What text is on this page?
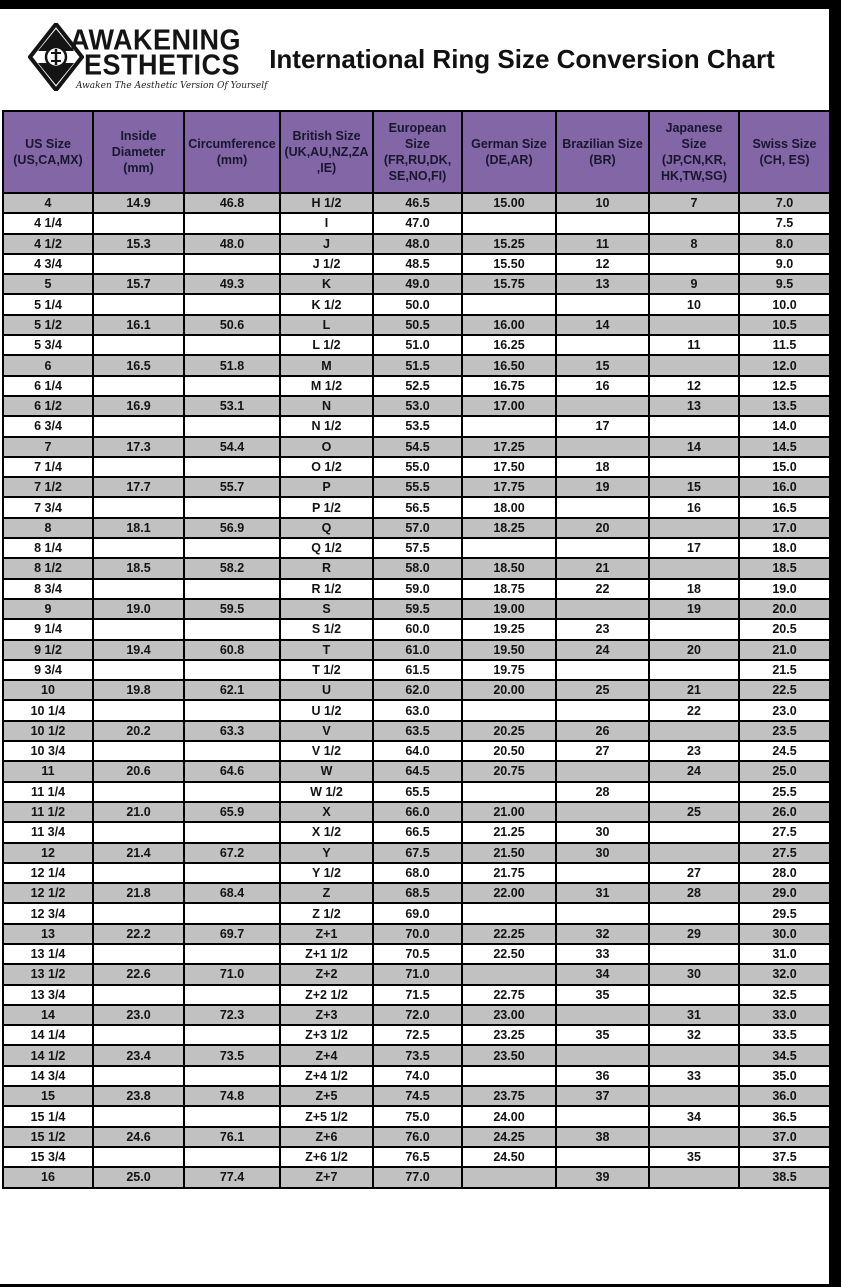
AWAKENING
ESTHETICS
Awaken The Aesthetic Version Of Yourself
International Ring Size Conversion Chart
US Size (US,CA,MX)	Inside Diameter (mm)	Circumference (mm)	British Size (UK,AU,NZ,ZA,IE)	European Size (FR,RU,DK, SE,NO,FI)	German Size (DE,AR)	Brazilian Size (BR)	Japanese Size (JP,CN,KR, HK,TW,SG)	Swiss Size (CH, ES)
4	14.9	46.8	H 1/2	46.5	15.00	10	7	7.0
4 1/4			I	47.0				7.5
4 1/2	15.3	48.0	J	48.0	15.25	11	8	8.0
4 3/4			J 1/2	48.5	15.50	12		9.0
5	15.7	49.3	K	49.0	15.75	13	9	9.5
5 1/4			K 1/2	50.0			10	10.0
5 1/2	16.1	50.6	L	50.5	16.00	14		10.5
5 3/4			L 1/2	51.0	16.25		11	11.5
6	16.5	51.8	M	51.5	16.50	15		12.0
6 1/4			M 1/2	52.5	16.75	16	12	12.5
6 1/2	16.9	53.1	N	53.0	17.00		13	13.5
6 3/4			N 1/2	53.5		17		14.0
7	17.3	54.4	O	54.5	17.25		14	14.5
7 1/4			O 1/2	55.0	17.50	18		15.0
7 1/2	17.7	55.7	P	55.5	17.75	19	15	16.0
7 3/4			P 1/2	56.5	18.00		16	16.5
8	18.1	56.9	Q	57.0	18.25	20		17.0
8 1/4			Q 1/2	57.5			17	18.0
8 1/2	18.5	58.2	R	58.0	18.50	21		18.5
8 3/4			R 1/2	59.0	18.75	22	18	19.0
9	19.0	59.5	S	59.5	19.00		19	20.0
9 1/4			S 1/2	60.0	19.25	23		20.5
9 1/2	19.4	60.8	T	61.0	19.50	24	20	21.0
9 3/4			T 1/2	61.5	19.75			21.5
10	19.8	62.1	U	62.0	20.00	25	21	22.5
10 1/4			U 1/2	63.0			22	23.0
10 1/2	20.2	63.3	V	63.5	20.25	26		23.5
10 3/4			V 1/2	64.0	20.50	27	23	24.5
11	20.6	64.6	W	64.5	20.75		24	25.0
11 1/4			W 1/2	65.5		28		25.5
11 1/2	21.0	65.9	X	66.0	21.00		25	26.0
11 3/4			X 1/2	66.5	21.25	30		27.5
12	21.4	67.2	Y	67.5	21.50	30		27.5
12 1/4			Y 1/2	68.0	21.75		27	28.0
12 1/2	21.8	68.4	Z	68.5	22.00	31	28	29.0
12 3/4			Z 1/2	69.0				29.5
13	22.2	69.7	Z+1	70.0	22.25	32	29	30.0
13 1/4			Z+1 1/2	70.5	22.50	33		31.0
13 1/2	22.6	71.0	Z+2	71.0		34	30	32.0
13 3/4			Z+2 1/2	71.5	22.75	35		32.5
14	23.0	72.3	Z+3	72.0	23.00		31	33.0
14 1/4			Z+3 1/2	72.5	23.25	35	32	33.5
14 1/2	23.4	73.5	Z+4	73.5	23.50			34.5
14 3/4			Z+4 1/2	74.0		36	33	35.0
15	23.8	74.8	Z+5	74.5	23.75	37		36.0
15 1/4			Z+5 1/2	75.0	24.00		34	36.5
15 1/2	24.6	76.1	Z+6	76.0	24.25	38		37.0
15 3/4			Z+6 1/2	76.5	24.50		35	37.5
16	25.0	77.4	Z+7	77.0		39		38.5
